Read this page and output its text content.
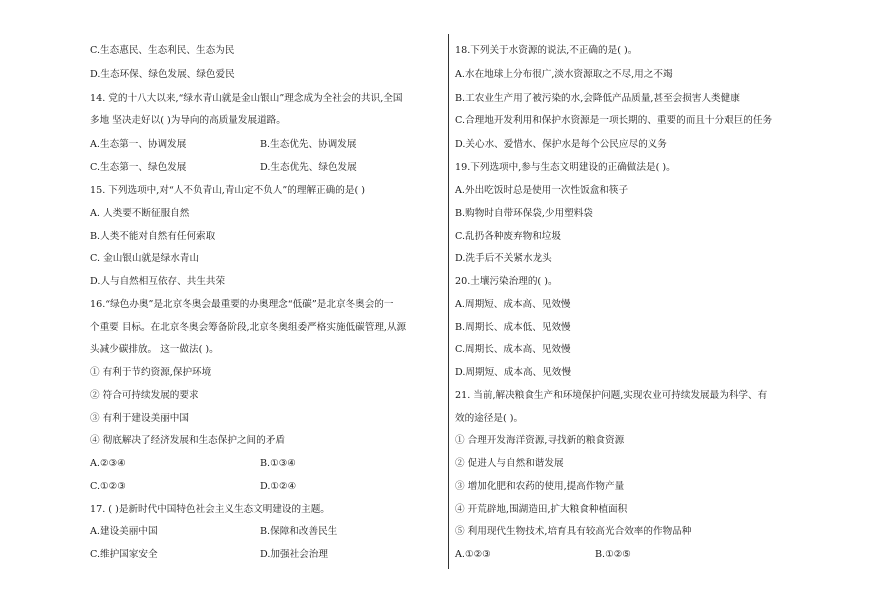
C.生态惠民、生态利民、生态为民
D.生态环保、绿色发展、绿色爱民
14. 党的十八大以来,“绿水青山就是金山银山”理念成为全社会的共识,全国
多地 坚决走好以( )为导向的高质量发展道路。
A.生态第一、协调发展	B.生态优先、协调发展
C.生态第一、绿色发展	D.生态优先、绿色发展
15. 下列选项中,对“人不负青山,青山定不负人”的理解正确的是( )
A. 人类要不断征服自然
B.人类不能对自然有任何索取
C. 金山银山就是绿水青山
D.人与自然相互依存、共生共荣
16.“绿色办奥”是北京冬奥会最重要的办奥理念“低碳”是北京冬奥会的一
个重要 目标。在北京冬奥会筹备阶段,北京冬奥组委严格实施低碳管理,从源
头减少碳排放。 这一做法( )。
① 有利于节约资源,保护环境
② 符合可持续发展的要求
③ 有利于建设美丽中国
④ 彻底解决了经济发展和生态保护之间的矛盾
A.②③④	B.①③④
C.①②③	D.①②④
17. ( )是新时代中国特色社会主义生态文明建设的主题。
A.建设美丽中国	B.保障和改善民生
C.维护国家安全	D.加强社会治理
18.下列关于水资源的说法,不正确的是( )。
A.水在地球上分布很广,淡水资源取之不尽,用之不竭
B.工农业生产用了被污染的水,会降低产品质量,甚至会损害人类健康
C.合理地开发利用和保护水资源是一项长期的、重要的而且十分艰巨的任务
D.关心水、爱惜水、保护水是每个公民应尽的义务
19.下列选项中,参与生态文明建设的正确做法是( )。
A.外出吃饭时总是使用一次性饭盒和筷子
B.购物时自带环保袋,少用塑料袋
C.乱扔各种废弃物和垃圾
D.洗手后不关紧水龙头
20.土壤污染治理的( )。
A.周期短、成本高、见效慢
B.周期长、成本低、见效慢
C.周期长、成本高、见效慢
D.周期短、成本高、见效慢
21. 当前,解决粮食生产和环境保护问题,实现农业可持续发展最为科学、有
效的途径是( )。
① 合理开发海洋资源,寻找新的粮食资源
② 促进人与自然和谐发展
③ 增加化肥和农药的使用,提高作物产量
④ 开荒辟地,围湖造田,扩大粮食种植面积
⑤ 利用现代生物技术,培育具有较高光合效率的作物品种
A.①②③	B.①②⑤
